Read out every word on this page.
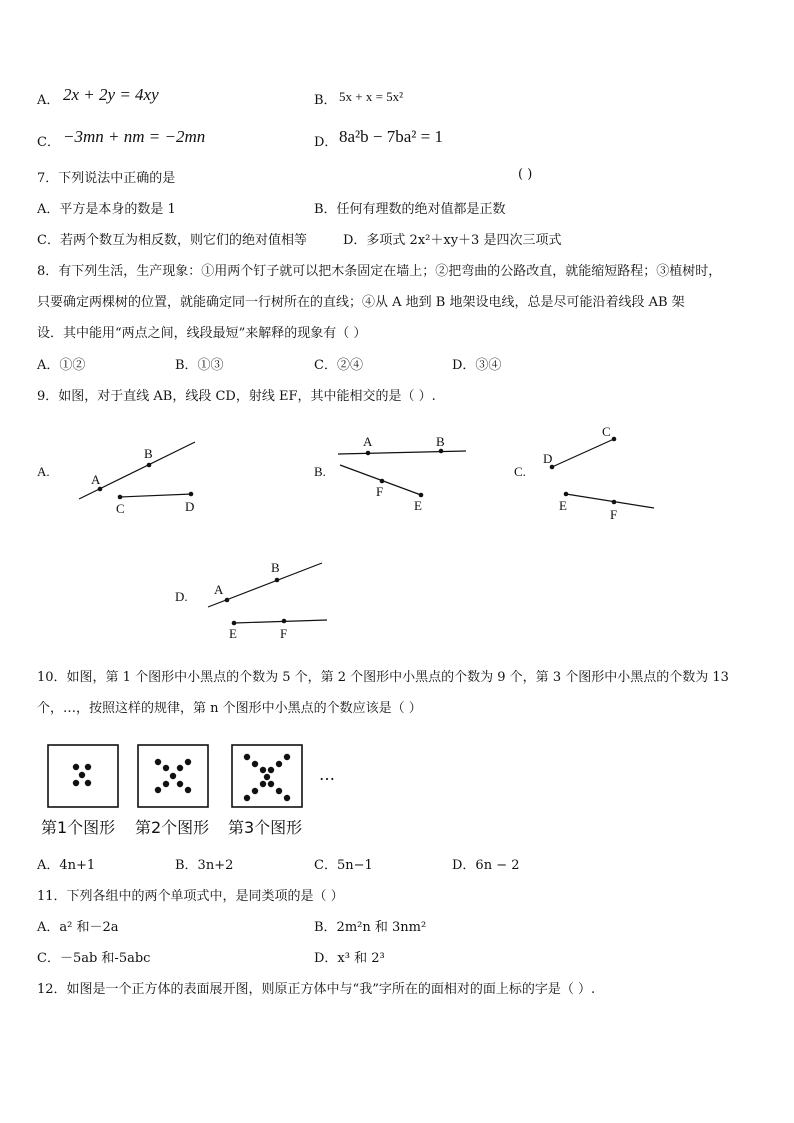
A． 2x + 2y = 4xy	B． 5x + x = 5x²
C． −3mn + nm = −2mn	D． 8a²b − 7ba² = 1
7．下列说法中正确的是	( )
A．平方是本身的数是 1	B．任何有理数的绝对值都是正数
C．若两个数互为相反数，则它们的绝对值相等	D．多项式 2x²＋xy＋3 是四次三项式
8．有下列生活，生产现象：①用两个钉子就可以把木条固定在墙上；②把弯曲的公路改直，就能缩短路程；③植树时，
只要确定两棵树的位置，就能确定同一行树所在的直线；④从 A 地到 B 地架设电线，总是尽可能沿着线段 AB 架
设．其中能用“两点之间，线段最短”来解释的现象有（ ）
A．①②	B．①③	C．②④	D．③④
9．如图，对于直线 AB，线段 CD，射线 EF，其中能相交的是（ ）.
A.
A
B
C	D
B.
A	B
F
E
C.
C
D
E
F
D. A
B
E	F
10．如图，第 1 个图形中小黑点的个数为 5 个，第 2 个图形中小黑点的个数为 9 个，第 3 个图形中小黑点的个数为 13
个，…，按照这样的规律，第 n 个图形中小黑点的个数应该是（ ）
…
第1个图形 第2个图形 第3个图形
A．4n+1	B．3n+2	C．5n−1	D．6n − 2
11．下列各组中的两个单项式中，是同类项的是（ ）
A．a² 和－2a	B．2m²n 和 3nm²
C．－5ab 和-5abc	D．x³ 和 2³
12．如图是一个正方体的表面展开图，则原正方体中与“我”字所在的面相对的面上标的字是（ ）.
